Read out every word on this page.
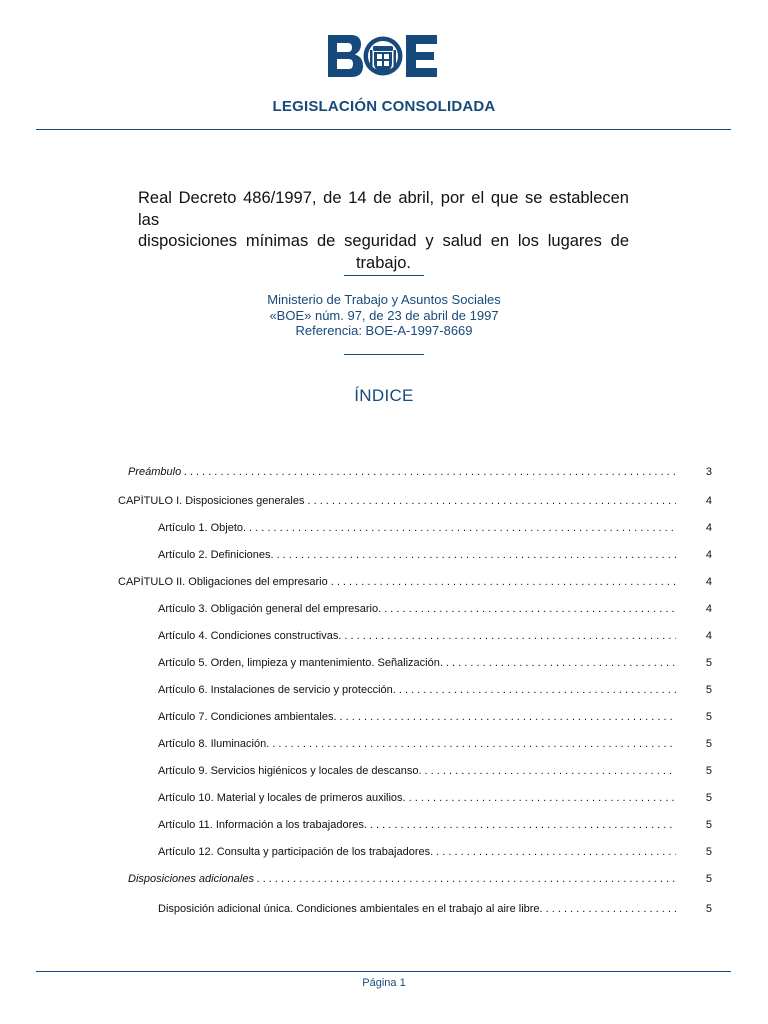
LEGISLACIÓN CONSOLIDADA
Real Decreto 486/1997, de 14 de abril, por el que se establecen las
disposiciones mínimas de seguridad y salud en los lugares de
trabajo.
Ministerio de Trabajo y Asuntos Sociales
«BOE» núm. 97, de 23 de abril de 1997
Referencia: BOE-A-1997-8669
ÍNDICE
Preámbulo . . .	3
CAPÍTULO I. Disposiciones generales . . .	4
Artículo 1. Objeto. . . .	4
Artículo 2. Definiciones. . . .	4
CAPÍTULO II. Obligaciones del empresario . . .	4
Artículo 3. Obligación general del empresario. . . .	4
Artículo 4. Condiciones constructivas. . . .	4
Artículo 5. Orden, limpieza y mantenimiento. Señalización. . . .	5
Artículo 6. Instalaciones de servicio y protección. . . .	5
Artículo 7. Condiciones ambientales. . . .	5
Artículo 8. Iluminación. . . .	5
Artículo 9. Servicios higiénicos y locales de descanso. . . .	5
Artículo 10. Material y locales de primeros auxilios. . . .	5
Artículo 11. Información a los trabajadores. . . .	5
Artículo 12. Consulta y participación de los trabajadores. . . .	5
Disposiciones adicionales . . .	5
Disposición adicional única. Condiciones ambientales en el trabajo al aire libre. . . .	5
Página 1
